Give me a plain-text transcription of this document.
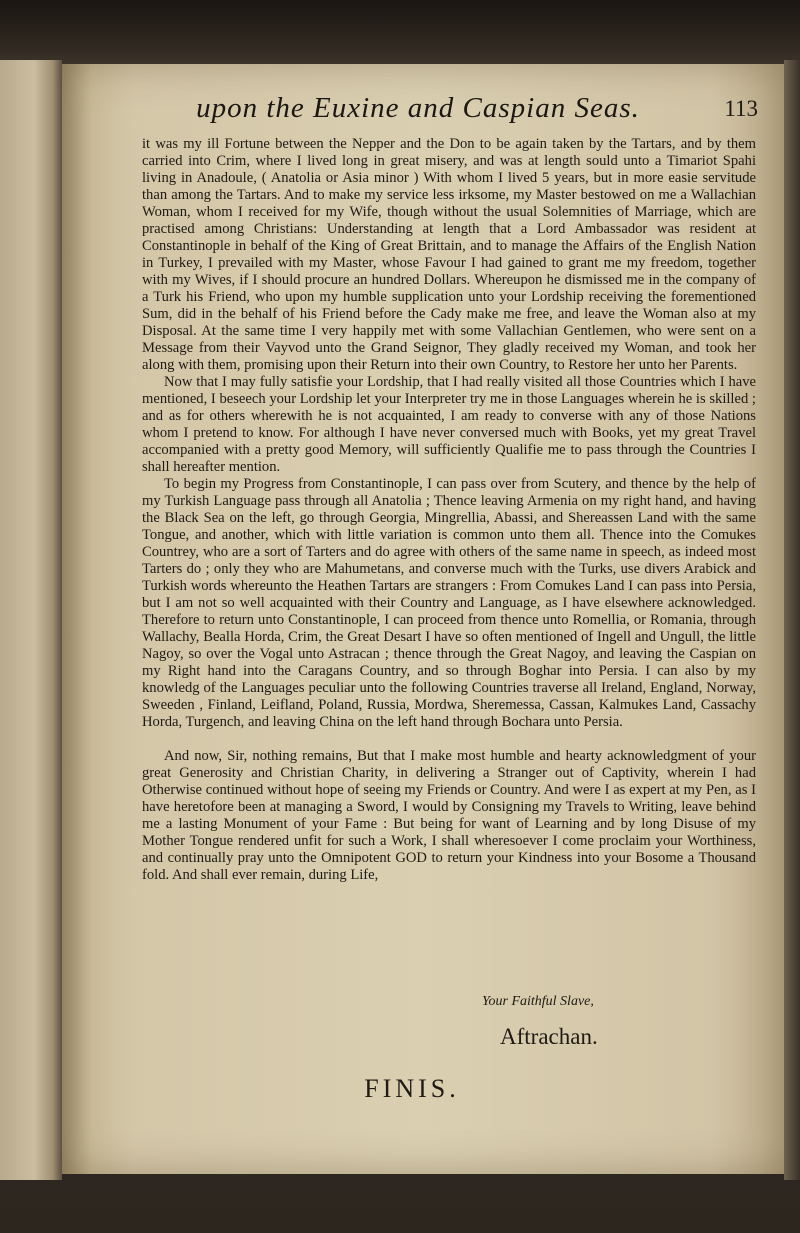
upon the Euxine and Caspian Seas.	113

it was my ill Fortune between the Nepper and the Don to be again taken by the Tartars, and by them carried into Crim, where I lived long in great misery, and was at length sould unto a Timariot Spahi living in Anadoule, ( Anatolia or Asia minor ) With whom I lived 5 years, but in more easie servitude than among the Tartars. And to make my service less irksome, my Master bestowed on me a Wallachian Woman, whom I received for my Wife, though without the usual Solemnities of Marriage, which are practised among Christians: Understanding at length that a Lord Ambassador was resident at Constantinople in behalf of the King of Great Brittain, and to manage the Affairs of the English Nation in Turkey, I prevailed with my Master, whose Favour I had gained to grant me my freedom, together with my Wives, if I should procure an hundred Dollars. Whereupon he dismissed me in the company of a Turk his Friend, who upon my humble supplication unto your Lordship receiving the forementioned Sum, did in the behalf of his Friend before the Cady make me free, and leave the Woman also at my Disposal. At the same time I very happily met with some Vallachian Gentlemen, who were sent on a Message from their Vayvod unto the Grand Seignor, They gladly received my Woman, and took her along with them, promising upon their Return into their own Country, to Restore her unto her Parents.

Now that I may fully satisfie your Lordship, that I had really visited all those Countries which I have mentioned, I beseech your Lordship let your Interpreter try me in those Languages wherein he is skilled ; and as for others wherewith he is not acquainted, I am ready to converse with any of those Nations whom I pretend to know. For although I have never conversed much with Books, yet my great Travel accompanied with a pretty good Memory, will sufficiently Qualifie me to pass through the Countries I shall hereafter mention.

To begin my Progress from Constantinople, I can pass over from Scutery, and thence by the help of my Turkish Language pass through all Anatolia ; Thence leaving Armenia on my right hand, and having the Black Sea on the left, go through Georgia, Mingrellia, Abassi, and Shereassen Land with the same Tongue, and another, which with little variation is common unto them all. Thence into the Comukes Countrey, who are a sort of Tarters and do agree with others of the same name in speech, as indeed most Tarters do ; only they who are Mahumetans, and converse much with the Turks, use divers Arabick and Turkish words whereunto the Heathen Tartars are strangers : From Comukes Land I can pass into Persia, but I am not so well acquainted with their Country and Language, as I have elsewhere acknowledged. Therefore to return unto Constantinople, I can proceed from thence unto Romellia, or Romania, through Wallachy, Bealla Horda, Crim, the Great Desart I have so often mentioned of Ingell and Ungull, the little Nagoy, so over the Vogal unto Astracan ; thence through the Great Nagoy, and leaving the Caspian on my Right hand into the Caragans Country, and so through Boghar into Persia. I can also by my knowledg of the Languages peculiar unto the following Countries traverse all Ireland, England, Norway, Sweeden , Finland, Leifland, Poland, Russia, Mordwa, Sheremessa, Cassan, Kalmukes Land, Cassachy Horda, Turgench, and leaving China on the left hand through Bochara unto Persia.

And now, Sir, nothing remains, But that I make most humble and hearty acknowledgment of your great Generosity and Christian Charity, in delivering a Stranger out of Captivity, wherein I had Otherwise continued without hope of seeing my Friends or Country. And were I as expert at my Pen, as I have heretofore been at managing a Sword, I would by Consigning my Travels to Writing, leave behind me a lasting Monument of your Fame : But being for want of Learning and by long Disuse of my Mother Tongue rendered unfit for such a Work, I shall wheresoever I come proclaim your Worthiness, and continually pray unto the Omnipotent GOD to return your Kindness into your Bosome a Thousand fold. And shall ever remain, during Life,

Your Faithful Slave,
Aftrachan.
FINIS.
